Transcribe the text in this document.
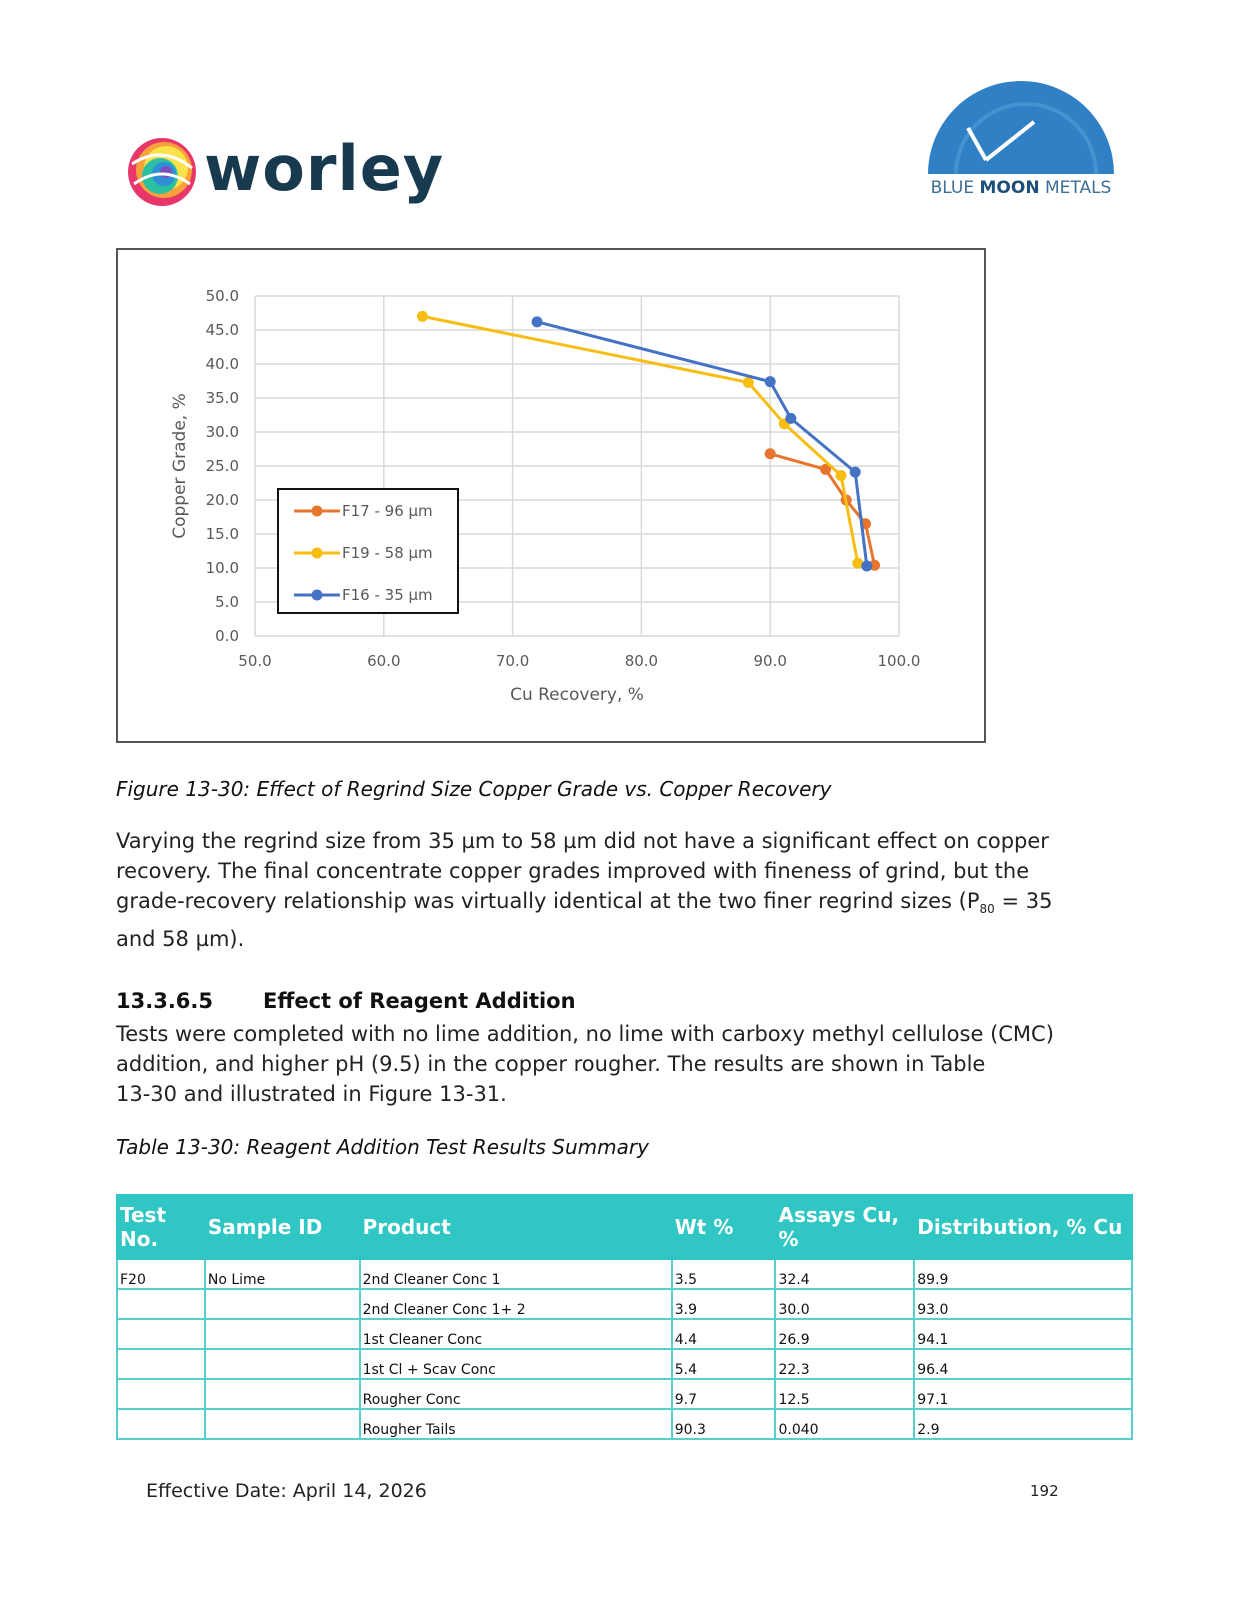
worley	BLUE MOON METALS
0.0
5.0
10.0
15.0
20.0
25.0
30.0
35.0
40.0
45.0
50.0
50.0	60.0	70.0	80.0	90.0	100.0
Cu Recovery, %
Copper Grade, %	F17 - 96 µm
F19 - 58 µm
F16 - 35 µm
Figure 13-30: Effect of Regrind Size Copper Grade vs. Copper Recovery
Varying the regrind size from 35 µm to 58 µm did not have a significant effect on copper
recovery. The final concentrate copper grades improved with fineness of grind, but the
grade-recovery relationship was virtually identical at the two finer regrind sizes ($P_{80} = 35$
and 58 µm).
13.3.6.5 Effect of Reagent Addition
Tests were completed with no lime addition, no lime with carboxy methyl cellulose (CMC)
addition, and higher pH (9.5) in the copper rougher. The results are shown in Table
13-30 and illustrated in Figure 13-31.
Table 13-30: Reagent Addition Test Results Summary
Test No.	Sample ID	Product	Wt %	Assays Cu, %	Distribution, % Cu
F20	No Lime	2nd Cleaner Conc 1	3.5	32.4	89.9
		2nd Cleaner Conc 1+ 2	3.9	30.0	93.0
		1st Cleaner Conc	4.4	26.9	94.1
		1st Cl + Scav Conc	5.4	22.3	96.4
		Rougher Conc	9.7	12.5	97.1
		Rougher Tails	90.3	0.040	2.9
Effective Date: April 14, 2026	192
